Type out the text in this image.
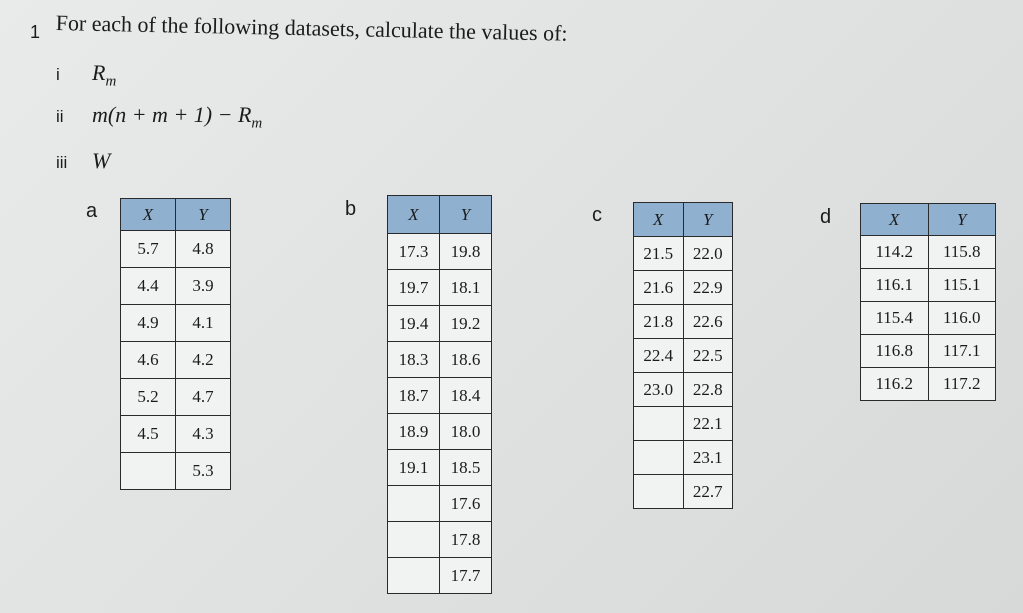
1 For each of the following datasets, calculate the values of:
i $R_m$
ii $m(n + m + 1) - R_m$
iii W
a	b	c	d
X	Y
5.7	4.8
4.4	3.9
4.9	4.1
4.6	4.2
5.2	4.7
4.5	4.3
	5.3
X	Y
17.3	19.8
19.7	18.1
19.4	19.2
18.3	18.6
18.7	18.4
18.9	18.0
19.1	18.5
	17.6
	17.8
	17.7
X	Y
21.5	22.0
21.6	22.9
21.8	22.6
22.4	22.5
23.0	22.8
	22.1
	23.1
	22.7
X	Y
114.2	115.8
116.1	115.1
115.4	116.0
116.8	117.1
116.2	117.2
